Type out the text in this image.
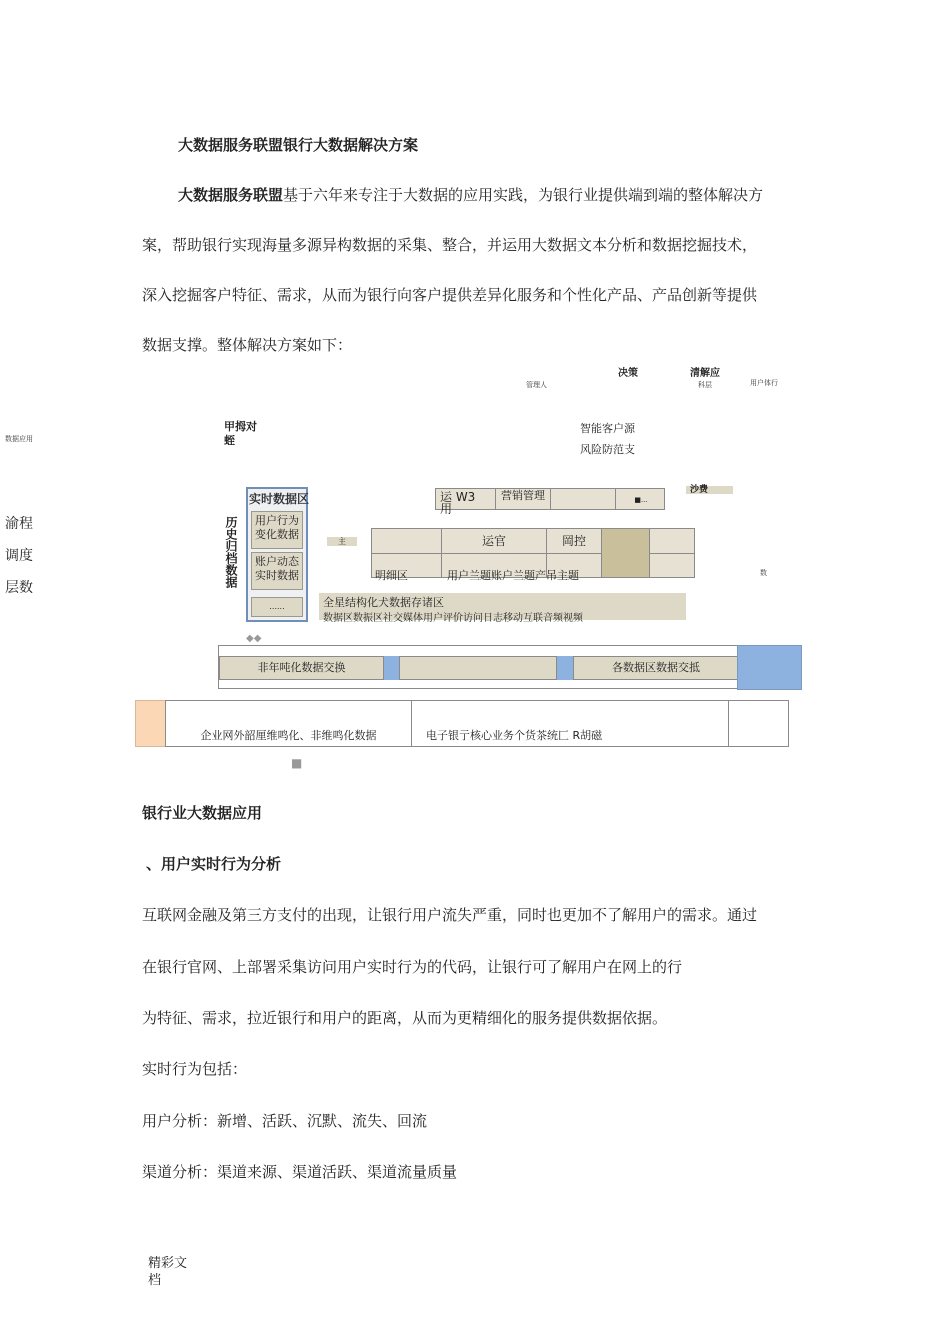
大数据服务联盟银行大数据解决方案
大数据服务联盟基于六年来专注于大数据的应用实践，为银行业提供端到端的整体解决方
案，帮助银行实现海量多源异构数据的采集、整合，并运用大数据文本分析和数据挖掘技术，
深入挖掘客户特征、需求，从而为银行向客户提供差异化服务和个性化产品、产品创新等提供
数据支撑。整体解决方案如下：
决策	清解应
管理人	科层	用户体行
甲拇对
蛭
智能客户源
风险防范支
数据应用
渝程
调度
层数	历史归档数据
实时数据区
用户行为变化数据
账户动态实时数据
......
主
运 W3
用
营销管理	■...
沙费
运官	岡控
明细区	用户兰题账户兰题产吊主题	数
全星结构化犬数据存诸区
数据区数振区社交媒体用户评价访问日志移动互联音频视频
◆◆
非年吨化数据交换	各数据区数据交抵
企业网外韶厘维鸣化、非维鸣化数据	电子银亍核心业务个货茶统匚 R胡磁
■
银行业大数据应用
、用户实时行为分析
互联网金融及第三方支付的出现，让银行用户流失严重，同时也更加不了解用户的需求。通过
在银行官网、上部署采集访问用户实时行为的代码，让银行可了解用户在网上的行
为特征、需求，拉近银行和用户的距离，从而为更精细化的服务提供数据依据。
实时行为包括：
用户分析：新增、活跃、沉默、流失、回流
渠道分析：渠道来源、渠道活跃、渠道流量质量
精彩文
档
